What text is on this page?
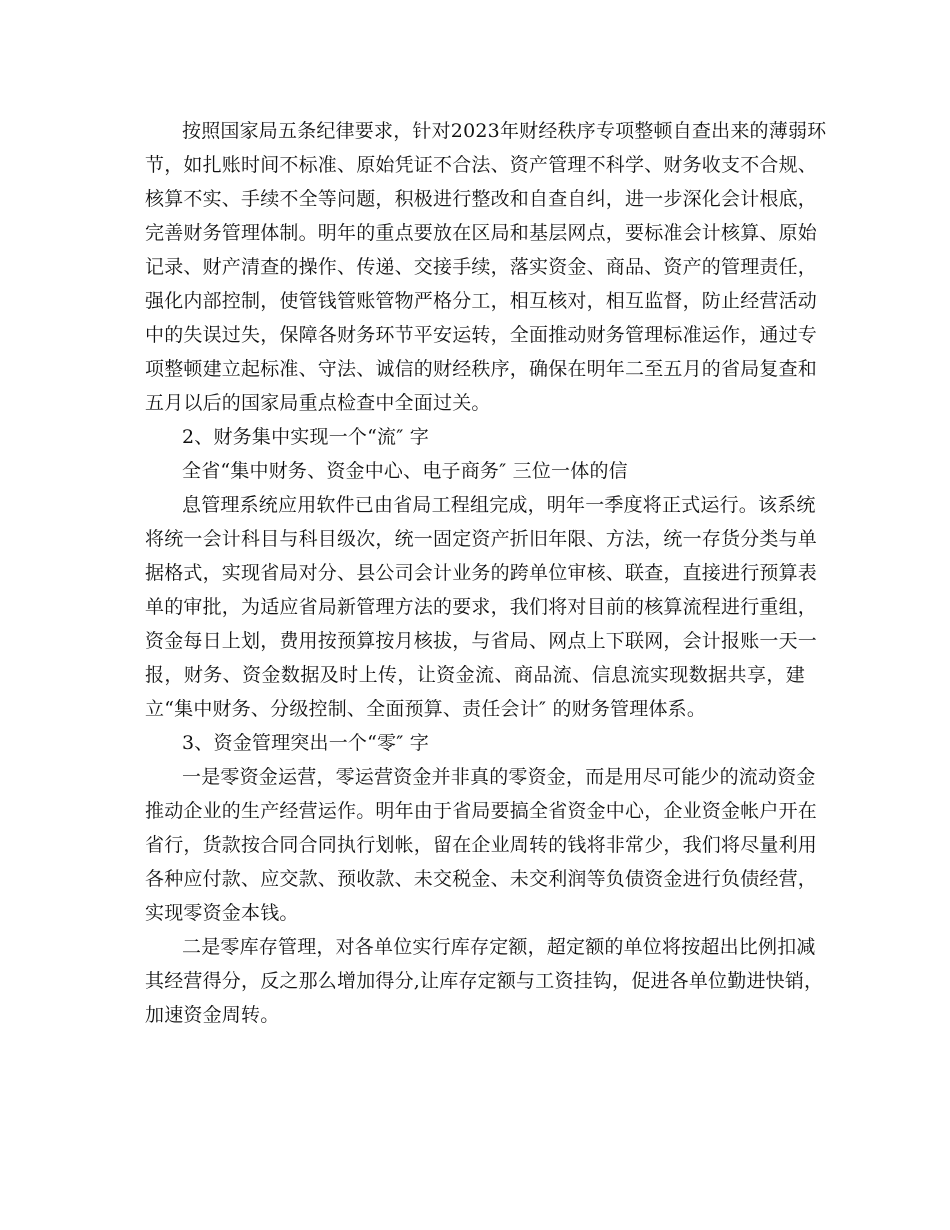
按照国家局五条纪律要求，针对2023年财经秩序专项整顿自查出来的薄弱环
节，如扎账时间不标准、原始凭证不合法、资产管理不科学、财务收支不合规、
核算不实、手续不全等问题，积极进行整改和自查自纠，进一步深化会计根底，
完善财务管理体制。明年的重点要放在区局和基层网点，要标准会计核算、原始
记录、财产清查的操作、传递、交接手续，落实资金、商品、资产的管理责任，
强化内部控制，使管钱管账管物严格分工，相互核对，相互监督，防止经营活动
中的失误过失，保障各财务环节平安运转，全面推动财务管理标准运作，通过专
项整顿建立起标准、守法、诚信的财经秩序，确保在明年二至五月的省局复查和
五月以后的国家局重点检查中全面过关。
2、财务集中实现一个“流″ 字
全省“集中财务、资金中心、电子商务″ 三位一体的信
息管理系统应用软件已由省局工程组完成，明年一季度将正式运行。该系统
将统一会计科目与科目级次，统一固定资产折旧年限、方法，统一存货分类与单
据格式，实现省局对分、县公司会计业务的跨单位审核、联查，直接进行预算表
单的审批，为适应省局新管理方法的要求，我们将对目前的核算流程进行重组，
资金每日上划，费用按预算按月核拔，与省局、网点上下联网，会计报账一天一
报，财务、资金数据及时上传，让资金流、商品流、信息流实现数据共享，建
立“集中财务、分级控制、全面预算、责任会计″ 的财务管理体系。
3、资金管理突出一个“零″ 字
一是零资金运营，零运营资金并非真的零资金，而是用尽可能少的流动资金
推动企业的生产经营运作。明年由于省局要搞全省资金中心，企业资金帐户开在
省行，货款按合同合同执行划帐，留在企业周转的钱将非常少，我们将尽量利用
各种应付款、应交款、预收款、未交税金、未交利润等负债资金进行负债经营，
实现零资金本钱。
二是零库存管理，对各单位实行库存定额，超定额的单位将按超出比例扣减
其经营得分，反之那么增加得分,让库存定额与工资挂钩，促进各单位勤进快销，
加速资金周转。
